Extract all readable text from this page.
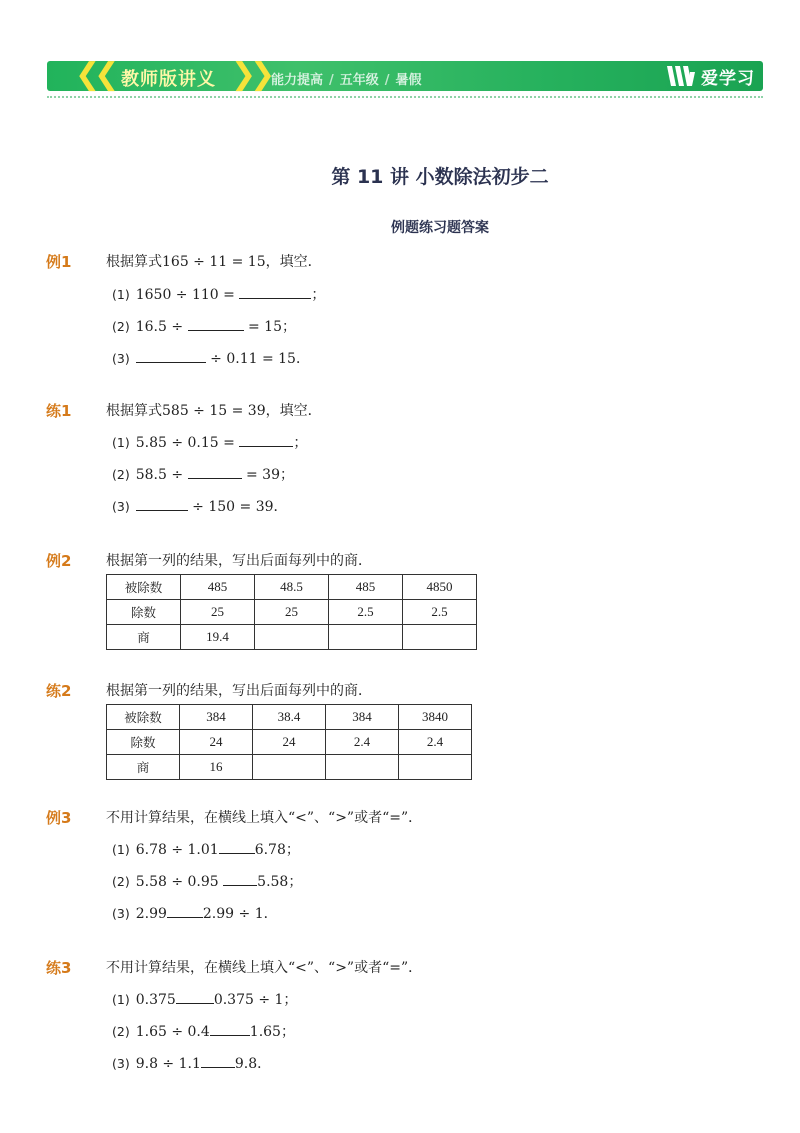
❮❮ 教师版讲义 ❯❯ 能力提高 / 五年级 / 暑假	爱学习
第 11 讲 小数除法初步二
例题练习题答案
例1 根据算式165 ÷ 11 = 15，填空．
(1) 1650 ÷ 110 =	；
(2) 16.5 ÷	= 15；
(3)	÷ 0.11 = 15．
练1 根据算式585 ÷ 15 = 39，填空．
(1) 5.85 ÷ 0.15 =	；
(2) 58.5 ÷	= 39；
(3)	÷ 150 = 39．
例2 根据第一列的结果，写出后面每列中的商．
被除数	485	48.5	485	4850
除数	25	25	2.5	2.5
商	19.4			
练2 根据第一列的结果，写出后面每列中的商．
被除数	384	38.4	384	3840
除数	24	24	2.4	2.4
商	16			
例3 不用计算结果，在横线上填入“<”、“>”或者“=”．
(1) 6.78 ÷ 1.01	6.78；
(2) 5.58 ÷ 0.95 5.58；
(3) 2.99	2.99 ÷ 1．
练3 不用计算结果，在横线上填入“<”、“>”或者“=”．
(1) 0.375	0.375 ÷ 1；
(2) 1.65 ÷ 0.4	1.65；
(3) 9.8 ÷ 1.1 9.8．
